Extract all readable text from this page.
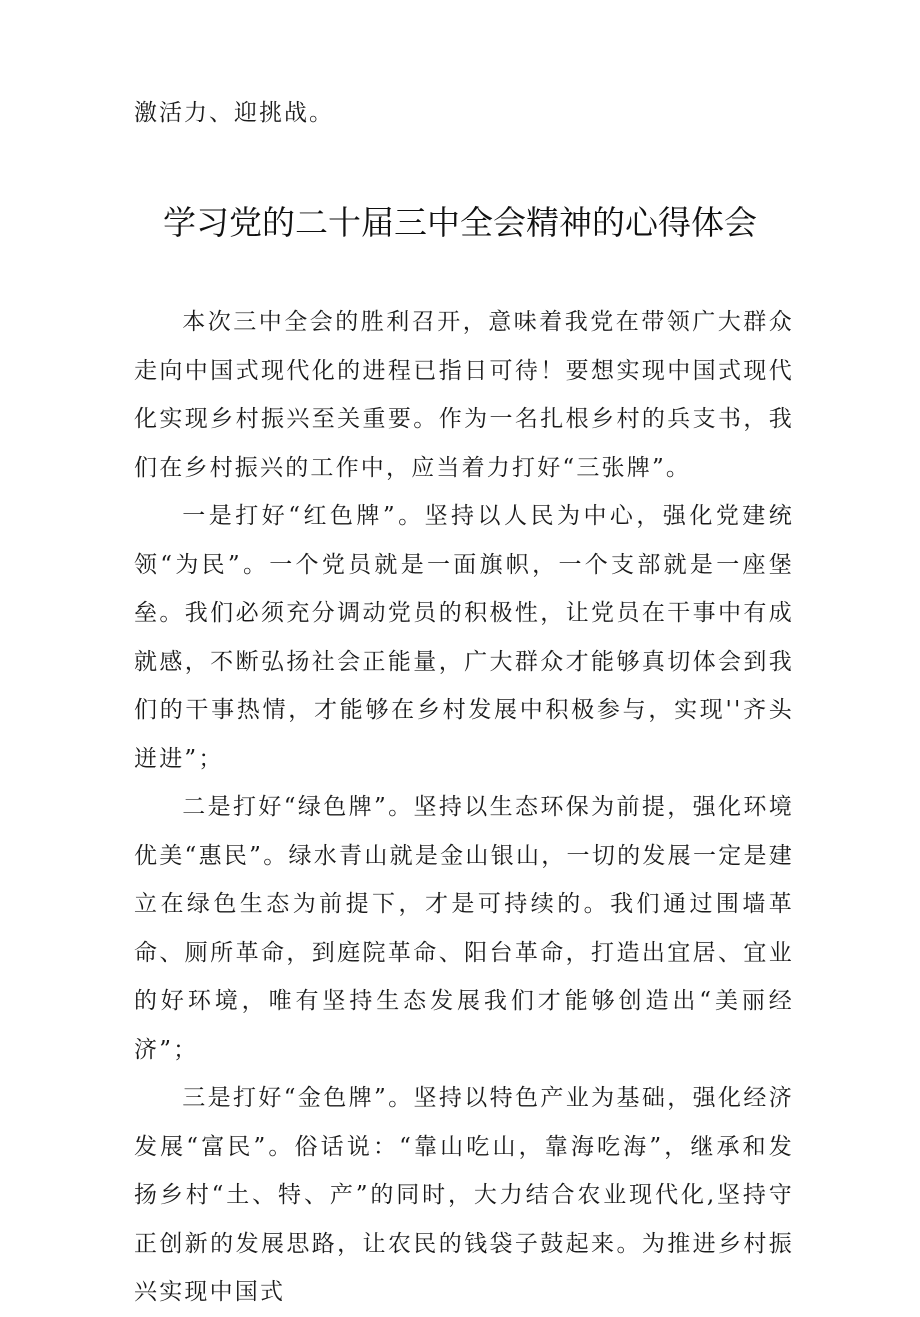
激活力、迎挑战。

学习党的二十届三中全会精神的心得体会

本次三中全会的胜利召开，意味着我党在带领广大群众走向中国式现代化的进程已指日可待！要想实现中国式现代化实现乡村振兴至关重要。作为一名扎根乡村的兵支书，我们在乡村振兴的工作中，应当着力打好“三张牌”。

一是打好“红色牌”。坚持以人民为中心，强化党建统领“为民”。一个党员就是一面旗帜，一个支部就是一座堡垒。我们必须充分调动党员的积极性，让党员在干事中有成就感，不断弘扬社会正能量，广大群众才能够真切体会到我们的干事热情，才能够在乡村发展中积极参与，实现''齐头迸进”；

二是打好“绿色牌”。坚持以生态环保为前提，强化环境优美“惠民”。绿水青山就是金山银山，一切的发展一定是建立在绿色生态为前提下，才是可持续的。我们通过围墙革命、厕所革命，到庭院革命、阳台革命，打造出宜居、宜业的好环境，唯有坚持生态发展我们才能够创造出“美丽经济”；

三是打好“金色牌”。坚持以特色产业为基础，强化经济发展“富民”。俗话说：“靠山吃山，靠海吃海”，继承和发扬乡村“土、特、产”的同时，大力结合农业现代化,坚持守正创新的发展思路，让农民的钱袋子鼓起来。为推进乡村振兴实现中国式
